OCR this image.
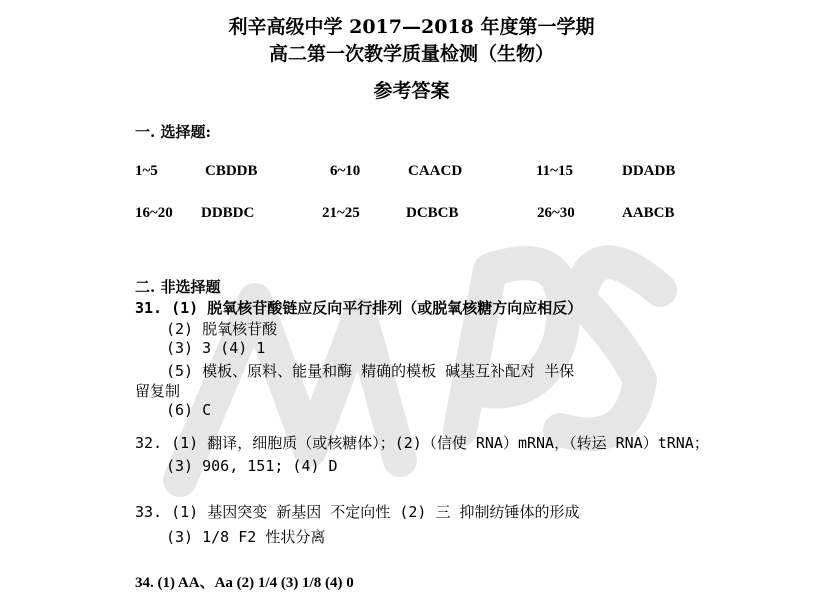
利辛高级中学 2017—2018 年度第一学期
高二第一次教学质量检测（生物）
参考答案
一. 选择题:
1~5	CBDDB	6~10	CAACD	11~15	DDADB
16~20 DDBDC	21~25	DCBCB	26~30	AABCB
二. 非选择题
31. (1) 脱氧核苷酸链应反向平行排列（或脱氧核糖方向应相反）
(2) 脱氧核苷酸
(3) 3 (4) 1
(5) 模板、原料、能量和酶 精确的模板 碱基互补配对 半保
留复制
(6) C
32. (1) 翻译，细胞质（或核糖体）；(2)（信使 RNA）mRNA，（转运 RNA）tRNA；
(3) 906, 151; (4) D
33. (1) 基因突变 新基因 不定向性 (2) 三 抑制纺锤体的形成
(3) 1/8 F2 性状分离
34. (1) AA、Aa (2) 1/4 (3) 1/8 (4) 0
